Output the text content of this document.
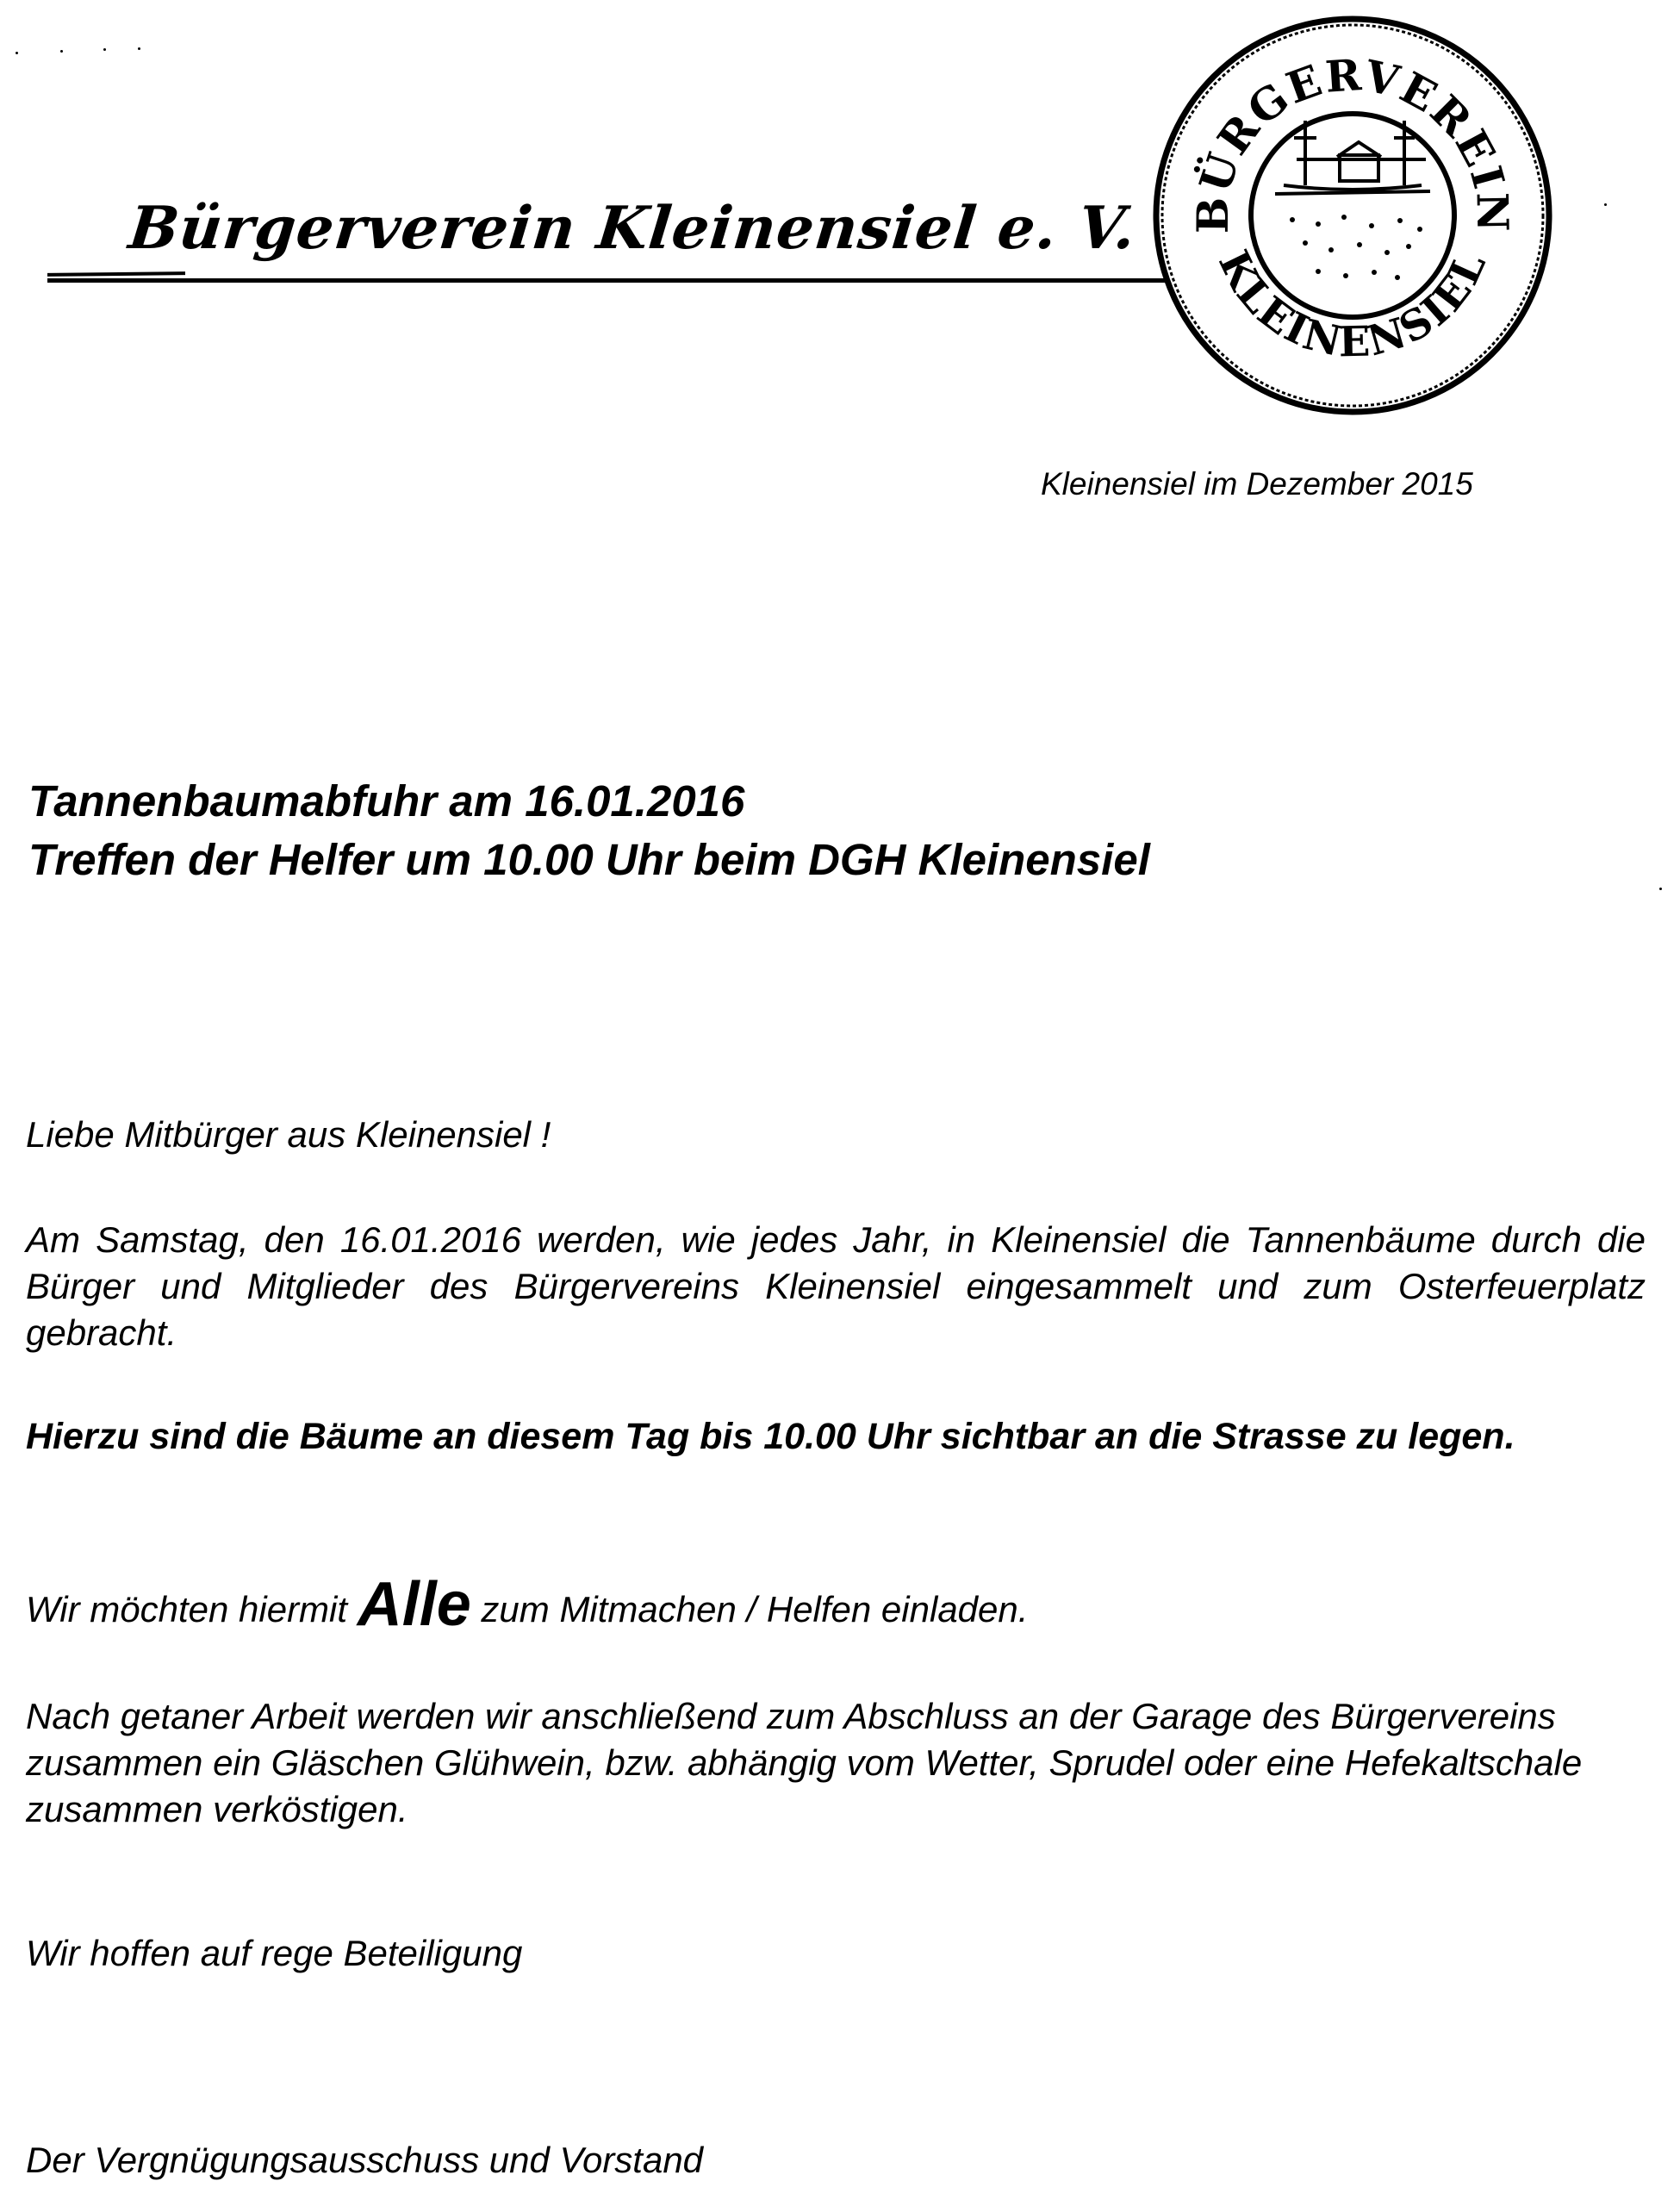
Bürgerverein Kleinensiel e. V. BÜRGERVEREIN
KLEINENSIEL
Kleinensiel im Dezember 2015
Tannenbaumabfuhr am 16.01.2016
Treffen der Helfer um 10.00 Uhr beim DGH Kleinensiel
Liebe Mitbürger aus Kleinensiel !
Am Samstag, den 16.01.2016 werden, wie jedes Jahr, in Kleinensiel die Tannenbäume durch die Bürger und Mitglieder des Bürgervereins Kleinensiel eingesammelt und zum Osterfeuerplatz gebracht.
Hierzu sind die Bäume an diesem Tag bis 10.00 Uhr sichtbar an die Strasse zu legen.
Wir möchten hiermit Alle zum Mitmachen / Helfen einladen.
Nach getaner Arbeit werden wir anschließend zum Abschluss an der Garage des Bürgervereins zusammen ein Gläschen Glühwein, bzw. abhängig vom Wetter, Sprudel oder eine Hefekaltschale zusammen verköstigen.
Wir hoffen auf rege Beteiligung
Der Vergnügungsausschuss und Vorstand
